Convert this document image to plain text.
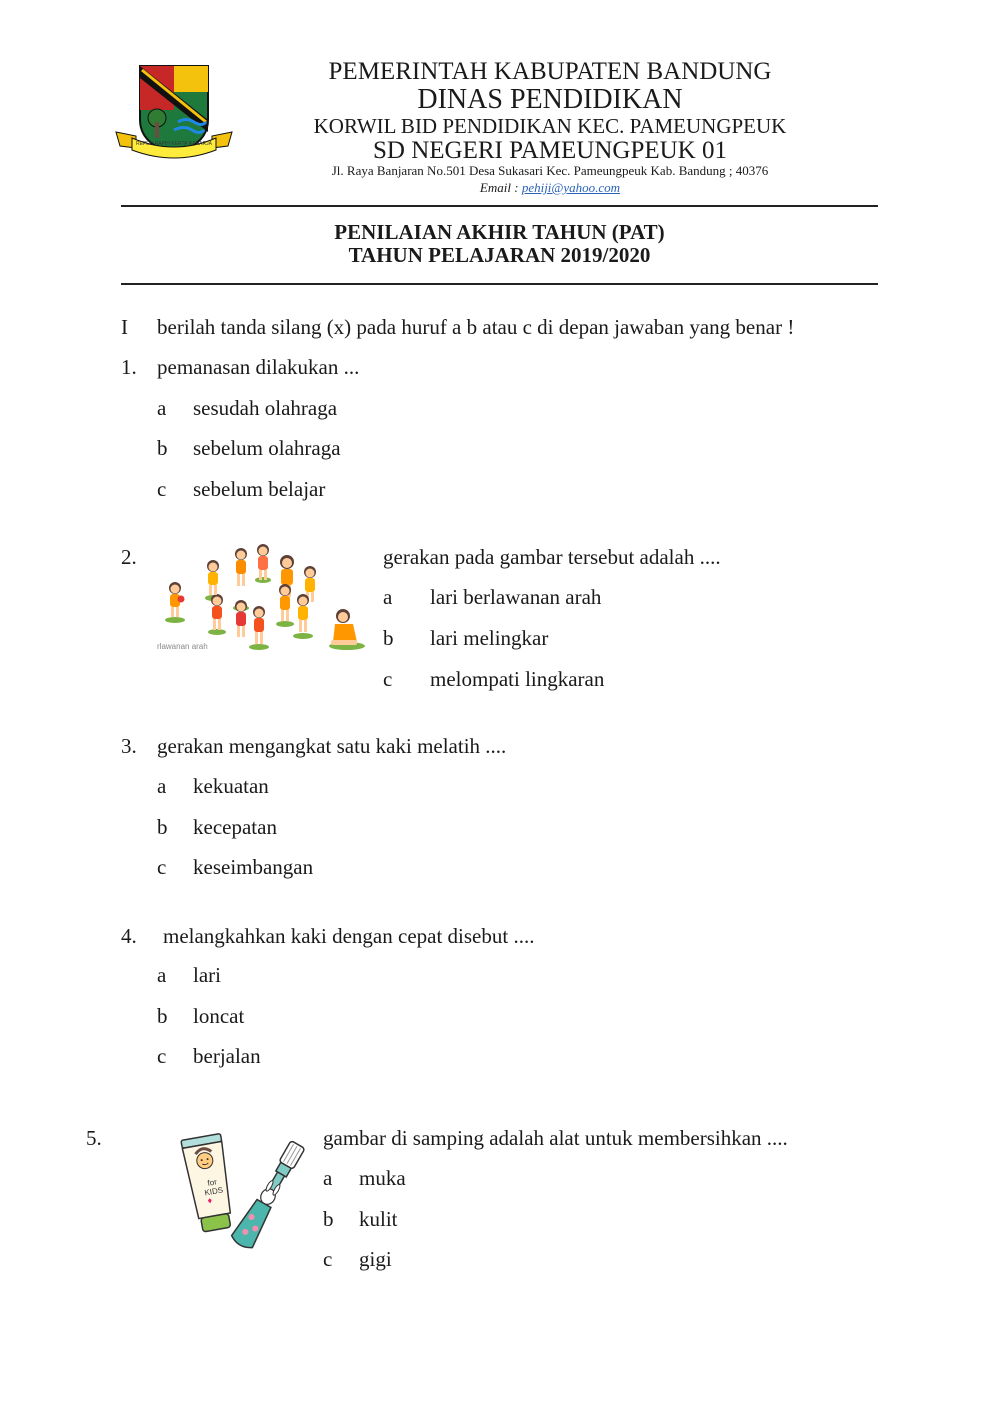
REPEH RAPIH KERTA RAHARJA
PEMERINTAH KABUPATEN BANDUNG
DINAS PENDIDIKAN
KORWIL BID PENDIDIKAN KEC. PAMEUNGPEUK
SD NEGERI PAMEUNGPEUK 01
Jl. Raya Banjaran No.501 Desa Sukasari Kec. Pameungpeuk Kab. Bandung ; 40376
Email : pehiji@yahoo.com
PENILAIAN AKHIR TAHUN (PAT)
TAHUN PELAJARAN 2019/2020
I berilah tanda silang (x) pada huruf a b atau c di depan jawaban yang benar !
1. pemanasan dilakukan ...
a sesudah olahraga
b sebelum olahraga
c sebelum belajar
2.
rlawanan arah
gerakan pada gambar tersebut adalah ....
a lari berlawanan arah
b lari melingkar
c melompati lingkaran
3. gerakan mengangkat satu kaki melatih ....
a kekuatan
b kecepatan
c keseimbangan
4. melangkahkan kaki dengan cepat disebut ....
a lari
b loncat
c berjalan
5.
for KIDS
gambar di samping adalah alat untuk membersihkan ....
a muka
b kulit
c gigi
